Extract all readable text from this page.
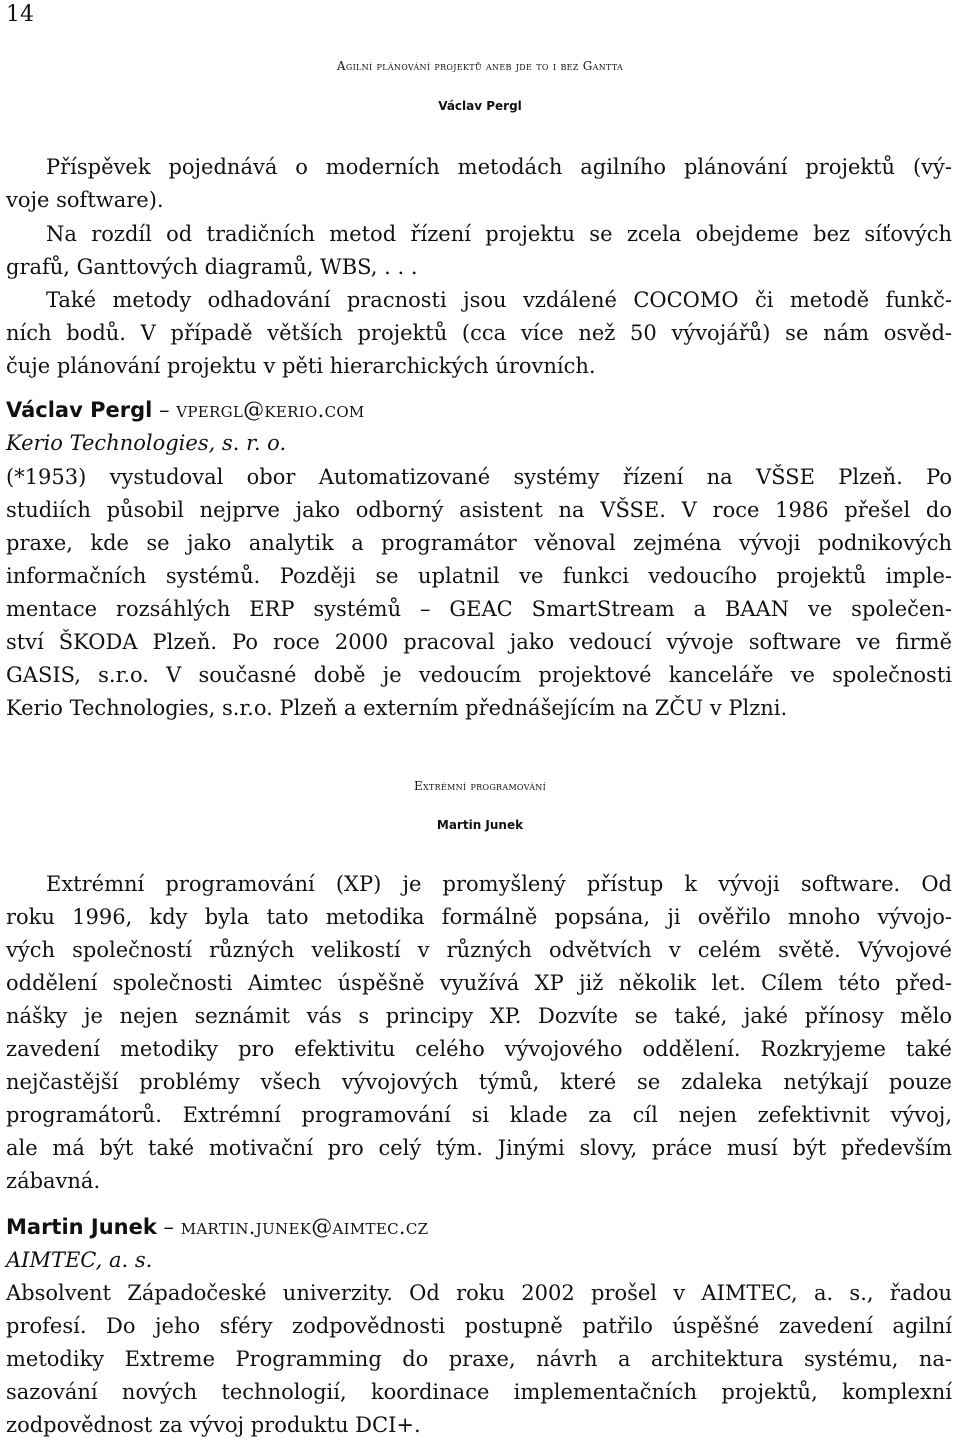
14
Agilní plánování projektů aneb jde to i bez Gantta
Václav Pergl
Příspěvek pojednává o moderních metodách agilního plánování projektů (vý-
voje software).
Na rozdíl od tradičních metod řízení projektu se zcela obejdeme bez síťových
grafů, Ganttových diagramů, WBS, . . .
Také metody odhadování pracnosti jsou vzdálené COCOMO či metodě funkč-
ních bodů. V případě větších projektů (cca více než 50 vývojářů) se nám osvěd-
čuje plánování projektu v pěti hierarchických úrovních.
Václav Pergl – vpergl@kerio.com
Kerio Technologies, s. r. o.
(*1953) vystudoval obor Automatizované systémy řízení na VŠSE Plzeň. Po
studiích působil nejprve jako odborný asistent na VŠSE. V roce 1986 přešel do
praxe, kde se jako analytik a programátor věnoval zejména vývoji podnikových
informačních systémů. Později se uplatnil ve funkci vedoucího projektů imple-
mentace rozsáhlých ERP systémů – GEAC SmartStream a BAAN ve společen-
ství ŠKODA Plzeň. Po roce 2000 pracoval jako vedoucí vývoje software ve firmě
GASIS, s.r.o. V současné době je vedoucím projektové kanceláře ve společnosti
Kerio Technologies, s.r.o. Plzeň a externím přednášejícím na ZČU v Plzni.
Extrémní programování
Martin Junek
Extrémní programování (XP) je promyšlený přístup k vývoji software. Od
roku 1996, kdy byla tato metodika formálně popsána, ji ověřilo mnoho vývojo-
vých společností různých velikostí v různých odvětvích v celém světě. Vývojové
oddělení společnosti Aimtec úspěšně využívá XP již několik let. Cílem této před-
nášky je nejen seznámit vás s principy XP. Dozvíte se také, jaké přínosy mělo
zavedení metodiky pro efektivitu celého vývojového oddělení. Rozkryjeme také
nejčastější problémy všech vývojových týmů, které se zdaleka netýkají pouze
programátorů. Extrémní programování si klade za cíl nejen zefektivnit vývoj,
ale má být také motivační pro celý tým. Jinými slovy, práce musí být především
zábavná.
Martin Junek – martin.junek@aimtec.cz
AIMTEC, a. s.
Absolvent Západočeské univerzity. Od roku 2002 prošel v AIMTEC, a. s., řadou
profesí. Do jeho sféry zodpovědnosti postupně patřilo úspěšné zavedení agilní
metodiky Extreme Programming do praxe, návrh a architektura systému, na-
sazování nových technologií, koordinace implementačních projektů, komplexní
zodpovědnost za vývoj produktu DCI+.
